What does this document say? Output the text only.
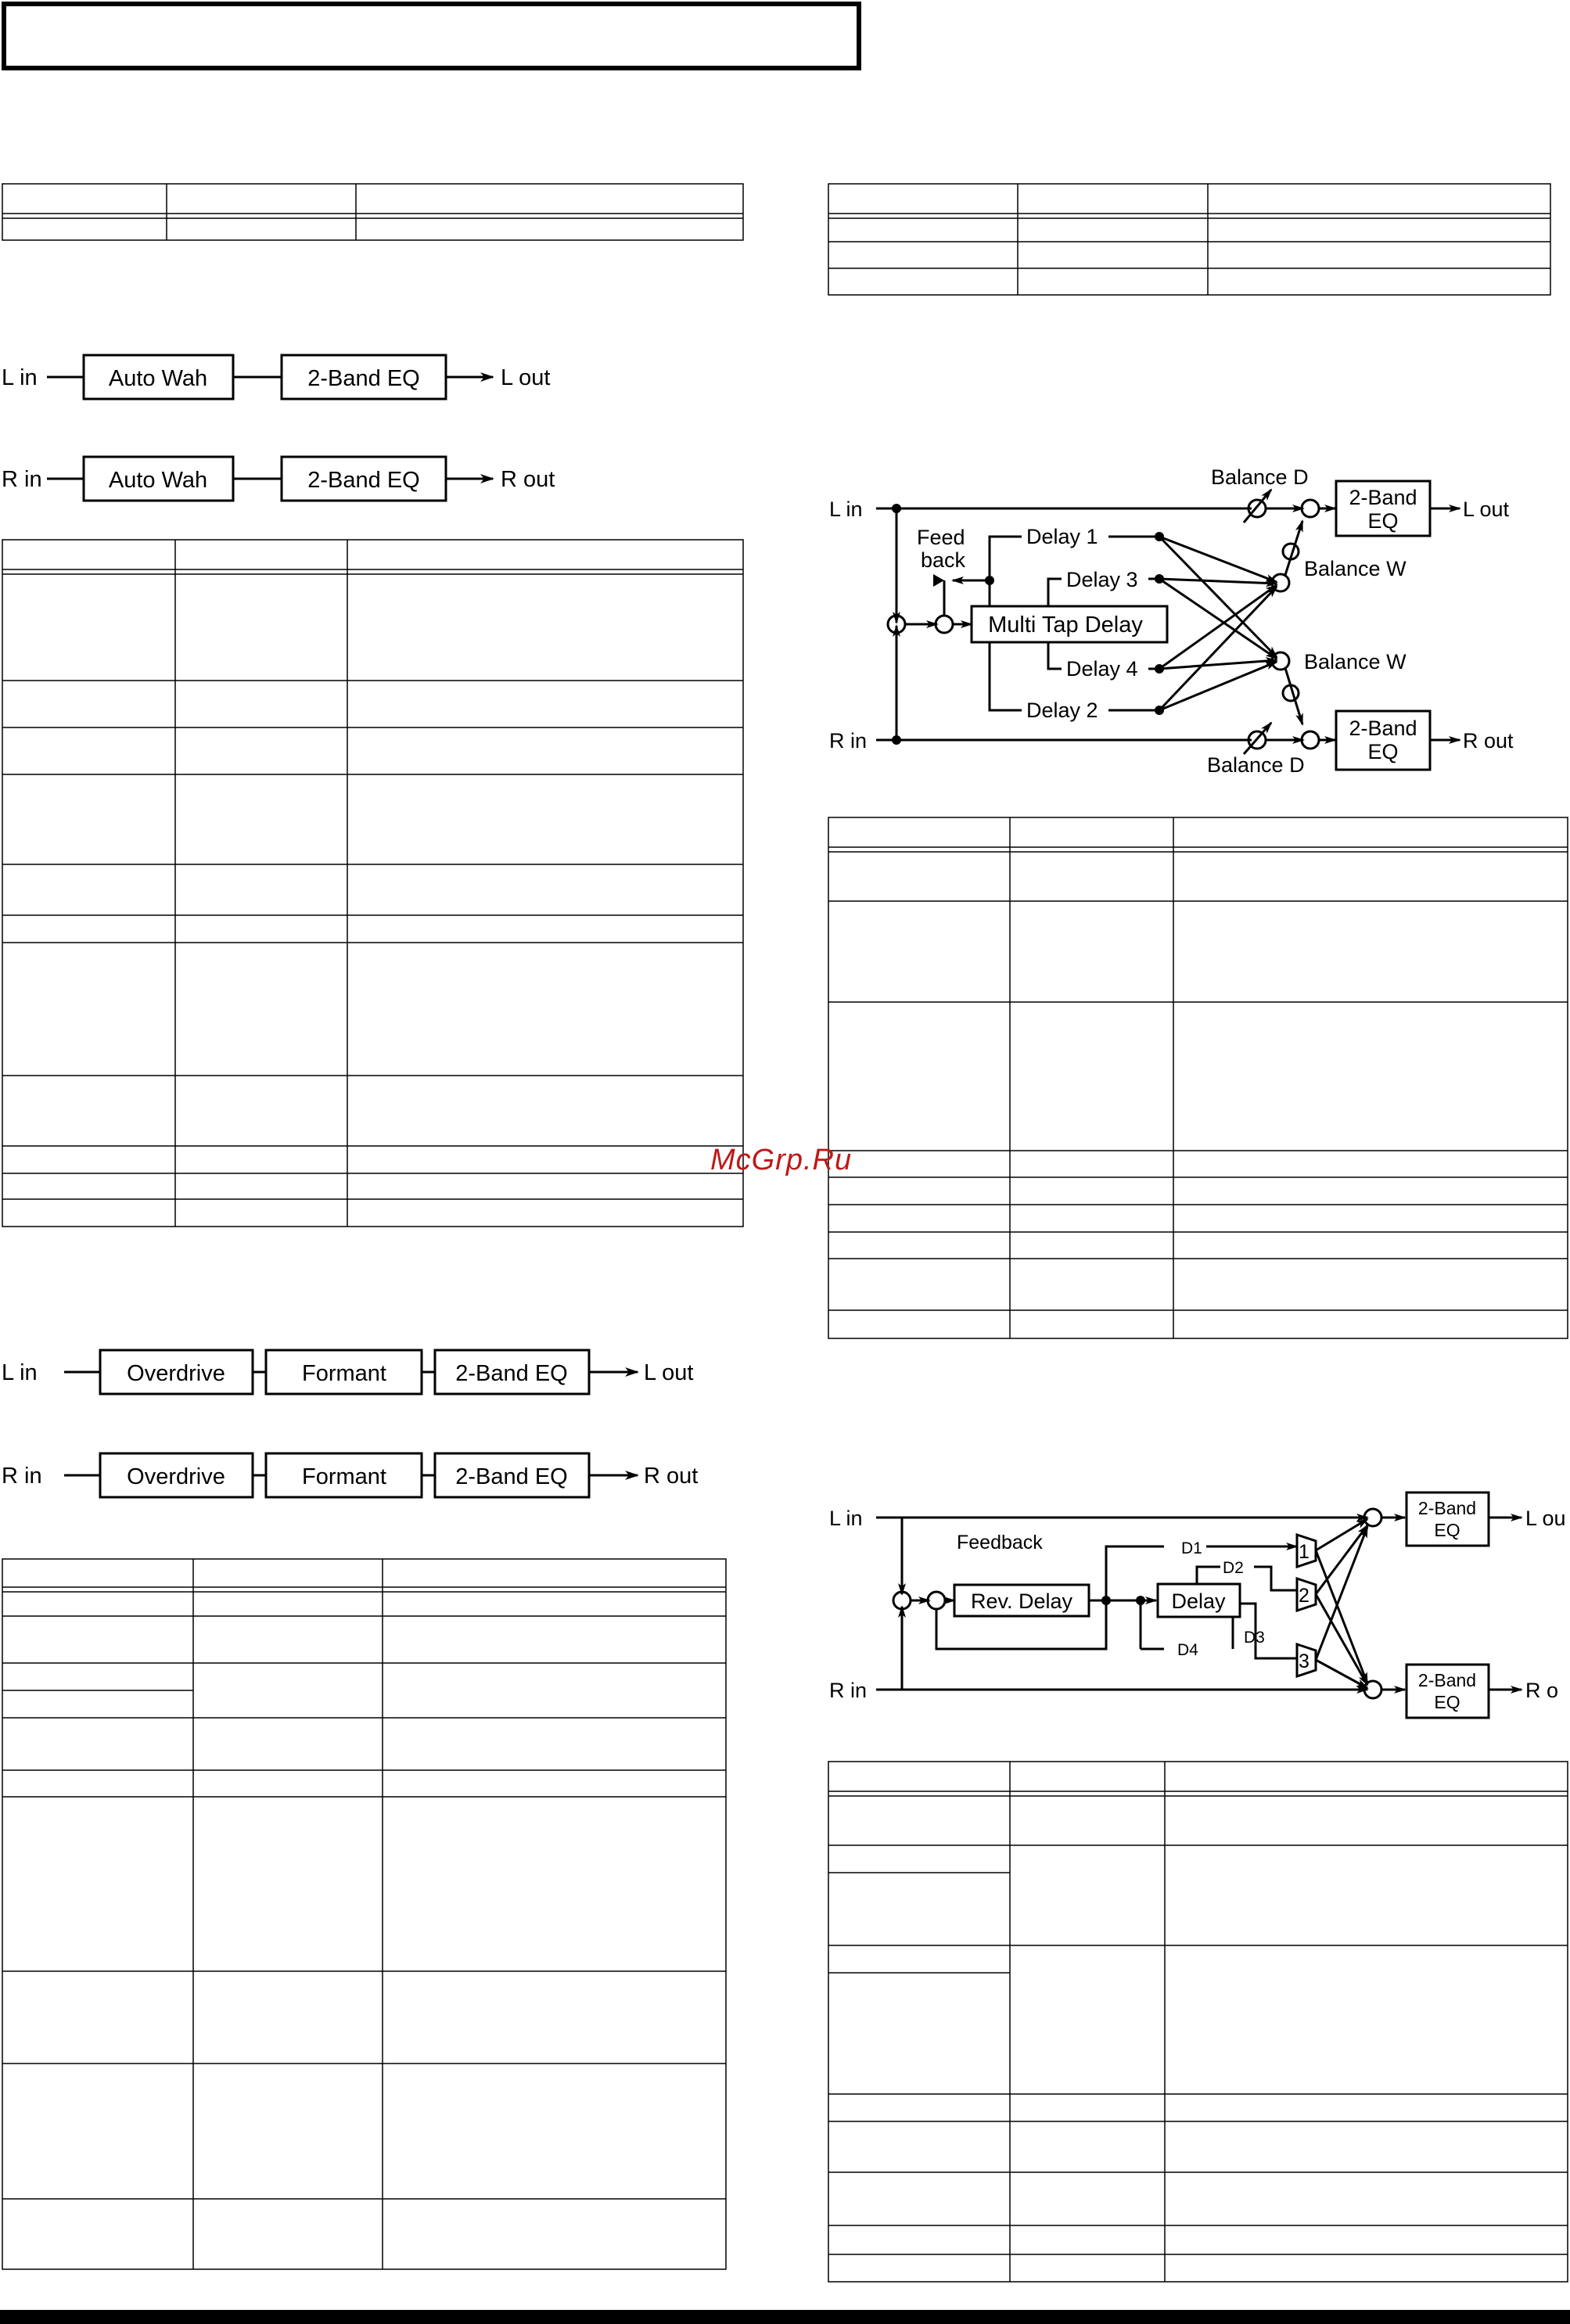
L in	Auto Wah	2-Band EQ	L out
R in	Auto Wah	2-Band EQ	R out
L in	Overdrive	Formant	2-Band EQ	L out
R in	Overdrive	Formant	2-Band EQ	R out
L in
R in
Feed
back
Multi Tap Delay
Delay 1
Delay 3
Delay 4
Delay 2
Balance D
Balance D
Balance W
Balance W
2-Band
EQ
2-Band
EQ
L out
R out
McGrp.Ru
L in
R in
Feedback
Rev. Delay	Delay
D1
D2
D3
D4
1
2
3
2-Band
EQ
2-Band
EQ
L ou
R o
